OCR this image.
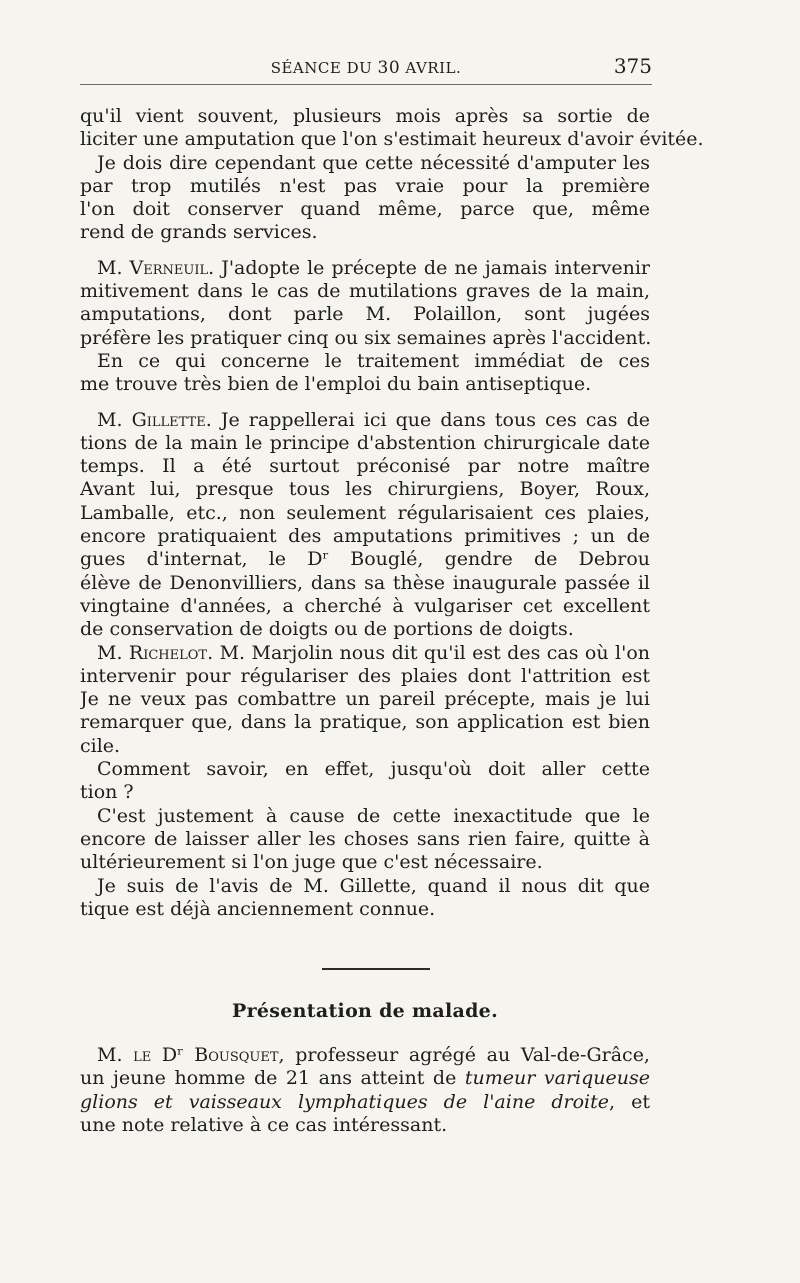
SÉANCE DU 30 AVRIL.	375
qu'il vient souvent, plusieurs mois après sa sortie de
liciter une amputation que l'on s'estimait heureux d'avoir évitée.
Je dois dire cependant que cette nécessité d'amputer les
par trop mutilés n'est pas vraie pour la première
l'on doit conserver quand même, parce que, même
rend de grands services.
M. Verneuil. J'adopte le précepte de ne jamais intervenir
mitivement dans le cas de mutilations graves de la main,
amputations, dont parle M. Polaillon, sont jugées
préfère les pratiquer cinq ou six semaines après l'accident.
En ce qui concerne le traitement immédiat de ces
me trouve très bien de l'emploi du bain antiseptique.
M. Gillette. Je rappellerai ici que dans tous ces cas de
tions de la main le principe d'abstention chirurgicale date
temps. Il a été surtout préconisé par notre maître
Avant lui, presque tous les chirurgiens, Boyer, Roux,
Lamballe, etc., non seulement régularisaient ces plaies,
encore pratiquaient des amputations primitives ; un de
gues d'internat, le Dʳ Bouglé, gendre de Debrou
élève de Denonvilliers, dans sa thèse inaugurale passée il
vingtaine d'années, a cherché à vulgariser cet excellent
de conservation de doigts ou de portions de doigts.
M. Richelot. M. Marjolin nous dit qu'il est des cas où l'on
intervenir pour régulariser des plaies dont l'attrition est
Je ne veux pas combattre un pareil précepte, mais je lui
remarquer que, dans la pratique, son application est bien
cile.
Comment savoir, en effet, jusqu'où doit aller cette
tion ?
C'est justement à cause de cette inexactitude que le
encore de laisser aller les choses sans rien faire, quitte à
ultérieurement si l'on juge que c'est nécessaire.
Je suis de l'avis de M. Gillette, quand il nous dit que
tique est déjà anciennement connue.
Présentation de malade.
M. le Dʳ Bousquet, professeur agrégé au Val-de-Grâce,
un jeune homme de 21 ans atteint de tumeur variqueuse
glions et vaisseaux lymphatiques de l'aine droite, et
une note relative à ce cas intéressant.
